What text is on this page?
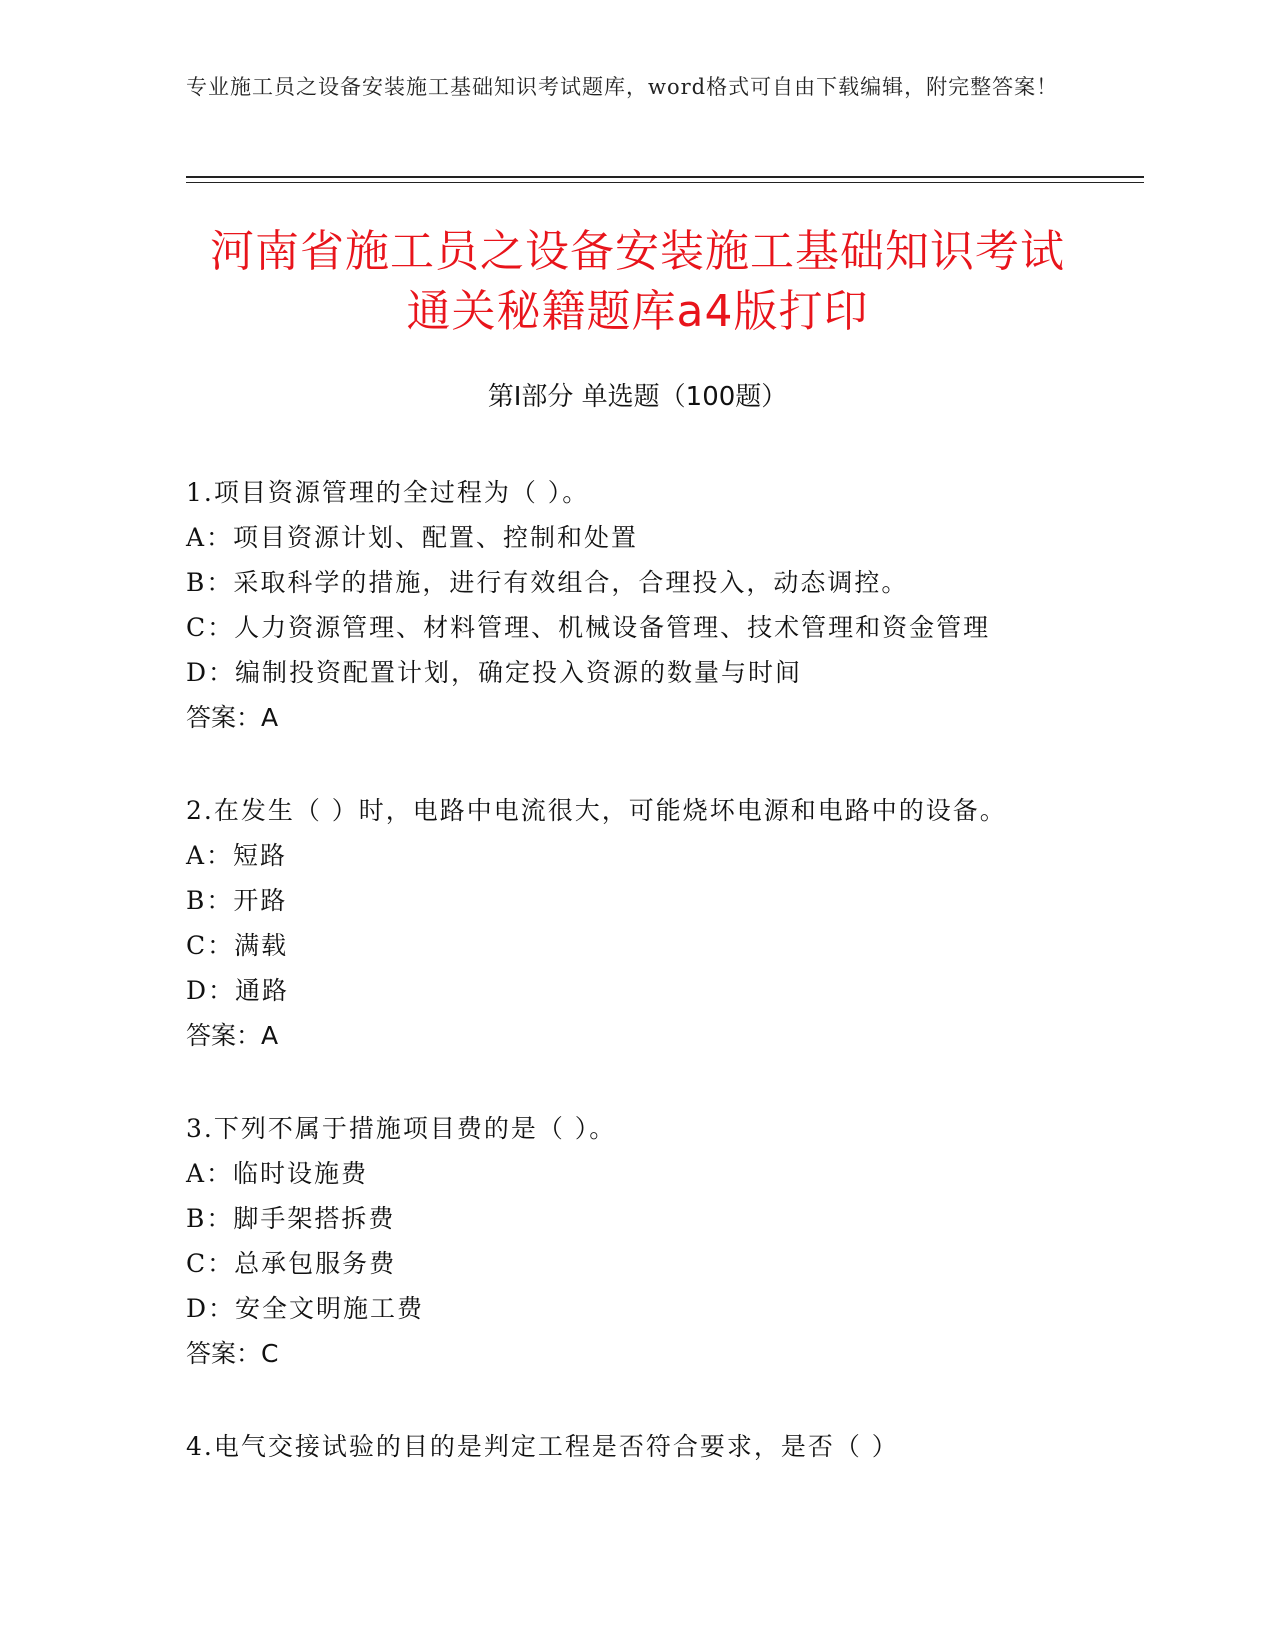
专业施工员之设备安装施工基础知识考试题库，word格式可自由下载编辑，附完整答案！
河南省施工员之设备安装施工基础知识考试
通关秘籍题库a4版打印
第Ⅰ部分 单选题（100题）
1.项目资源管理的全过程为（ ）。
A：项目资源计划、配置、控制和处置
B：采取科学的措施，进行有效组合，合理投入，动态调控。
C：人力资源管理、材料管理、机械设备管理、技术管理和资金管理
D：编制投资配置计划，确定投入资源的数量与时间
答案：A
2.在发生（ ）时，电路中电流很大，可能烧坏电源和电路中的设备。
A：短路
B：开路
C：满载
D：通路
答案：A
3.下列不属于措施项目费的是（ ）。
A：临时设施费
B：脚手架搭拆费
C：总承包服务费
D：安全文明施工费
答案：C
4.电气交接试验的目的是判定工程是否符合要求，是否（ ）
